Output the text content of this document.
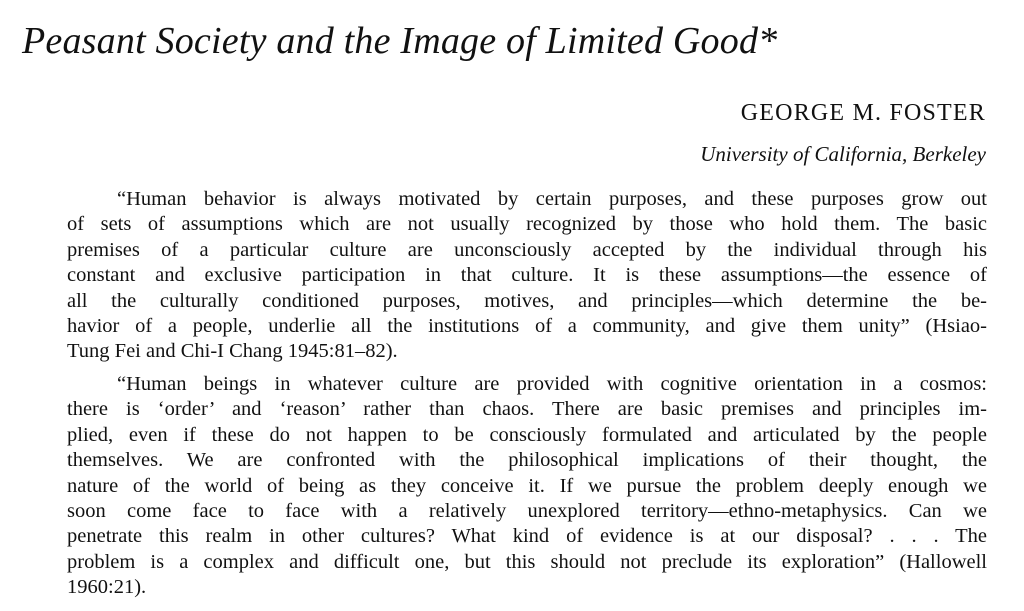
Peasant Society and the Image of Limited Good*
GEORGE M. FOSTER
University of California, Berkeley
“Human behavior is always motivated by certain purposes, and these purposes grow out
of sets of assumptions which are not usually recognized by those who hold them. The basic
premises of a particular culture are unconsciously accepted by the individual through his
constant and exclusive participation in that culture. It is these assumptions—the essence of
all the culturally conditioned purposes, motives, and principles—which determine the be-
havior of a people, underlie all the institutions of a community, and give them unity” (Hsiao-
Tung Fei and Chi-I Chang 1945:81–82).
“Human beings in whatever culture are provided with cognitive orientation in a cosmos:
there is ‘order’ and ‘reason’ rather than chaos. There are basic premises and principles im-
plied, even if these do not happen to be consciously formulated and articulated by the people
themselves. We are confronted with the philosophical implications of their thought, the
nature of the world of being as they conceive it. If we pursue the problem deeply enough we
soon come face to face with a relatively unexplored territory—ethno-metaphysics. Can we
penetrate this realm in other cultures? What kind of evidence is at our disposal? . . . The
problem is a complex and difficult one, but this should not preclude its exploration” (Hallowell
1960:21).
